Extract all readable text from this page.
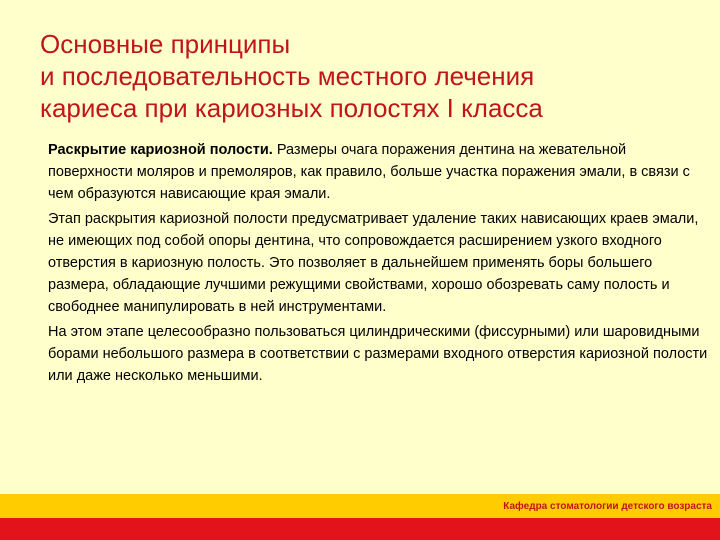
Основные принципы
и последовательность местного лечения
кариеса при кариозных полостях I класса

Раскрытие кариозной полости. Размеры очага поражения дентина на жевательной поверхности моляров и премоляров, как правило, больше участка поражения эмали, в связи с чем образуются нависающие края эмали.

Этап раскрытия кариозной полости предусматривает удаление таких нависающих краев эмали, не имеющих под собой опоры дентина, что сопровождается расширением узкого входного отверстия в кариозную полость. Это позволяет в дальнейшем применять боры большего размера, обладающие лучшими режущими свойствами, хорошо обозревать саму полость и свободнее манипулировать в ней инструментами.

На этом этапе целесообразно пользоваться цилиндрическими (фиссурными) или шаровидными борами небольшого размера в соответствии с размерами входного отверстия кариозной полости или даже несколько меньшими.

Кафедра стоматологии детского возраста
